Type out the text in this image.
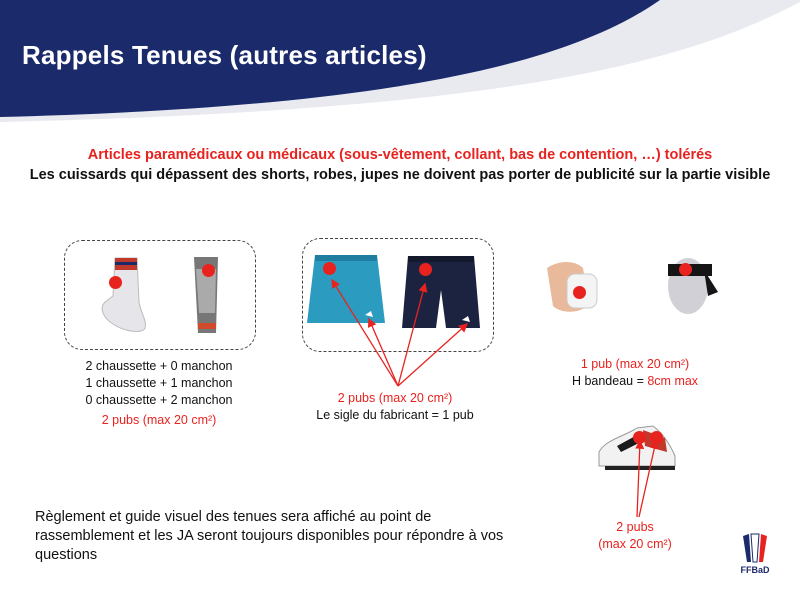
Rappels Tenues (autres articles)
Articles paramédicaux ou médicaux (sous-vêtement, collant, bas de contention, …) tolérés
Les cuissards qui dépassent des shorts, robes, jupes ne doivent pas porter de publicité sur la partie visible
2 chaussette + 0 manchon
1 chaussette + 1 manchon
0 chaussette + 2 manchon
2 pubs (max 20 cm²)
2 pubs (max 20 cm²)
Le sigle du fabricant = 1 pub
1 pub (max 20 cm²)
H bandeau = 8cm max
2 pubs
(max 20 cm²)
Règlement et guide visuel des tenues sera affiché au point de rassemblement et les JA seront toujours disponibles pour répondre à vos questions
FFBaD
